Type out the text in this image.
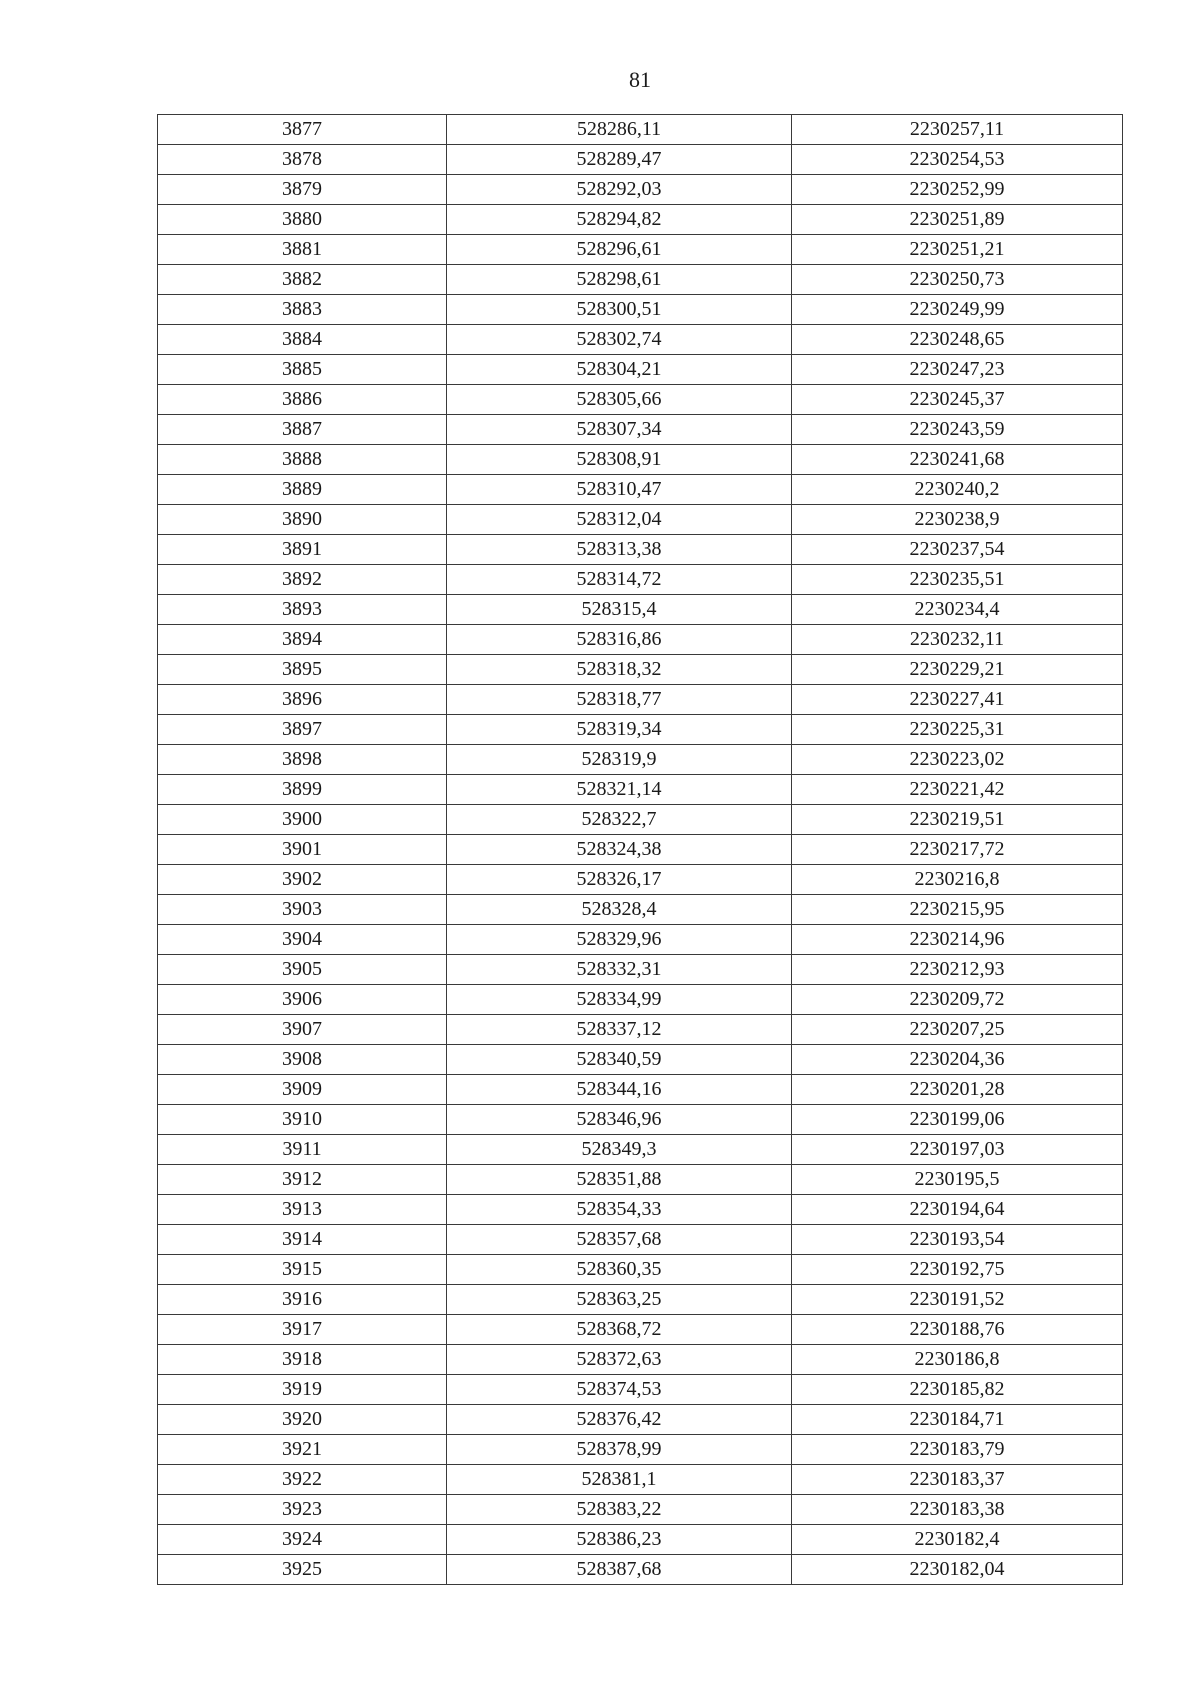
81
3877	528286,11	2230257,11
3878	528289,47	2230254,53
3879	528292,03	2230252,99
3880	528294,82	2230251,89
3881	528296,61	2230251,21
3882	528298,61	2230250,73
3883	528300,51	2230249,99
3884	528302,74	2230248,65
3885	528304,21	2230247,23
3886	528305,66	2230245,37
3887	528307,34	2230243,59
3888	528308,91	2230241,68
3889	528310,47	2230240,2
3890	528312,04	2230238,9
3891	528313,38	2230237,54
3892	528314,72	2230235,51
3893	528315,4	2230234,4
3894	528316,86	2230232,11
3895	528318,32	2230229,21
3896	528318,77	2230227,41
3897	528319,34	2230225,31
3898	528319,9	2230223,02
3899	528321,14	2230221,42
3900	528322,7	2230219,51
3901	528324,38	2230217,72
3902	528326,17	2230216,8
3903	528328,4	2230215,95
3904	528329,96	2230214,96
3905	528332,31	2230212,93
3906	528334,99	2230209,72
3907	528337,12	2230207,25
3908	528340,59	2230204,36
3909	528344,16	2230201,28
3910	528346,96	2230199,06
3911	528349,3	2230197,03
3912	528351,88	2230195,5
3913	528354,33	2230194,64
3914	528357,68	2230193,54
3915	528360,35	2230192,75
3916	528363,25	2230191,52
3917	528368,72	2230188,76
3918	528372,63	2230186,8
3919	528374,53	2230185,82
3920	528376,42	2230184,71
3921	528378,99	2230183,79
3922	528381,1	2230183,37
3923	528383,22	2230183,38
3924	528386,23	2230182,4
3925	528387,68	2230182,04
